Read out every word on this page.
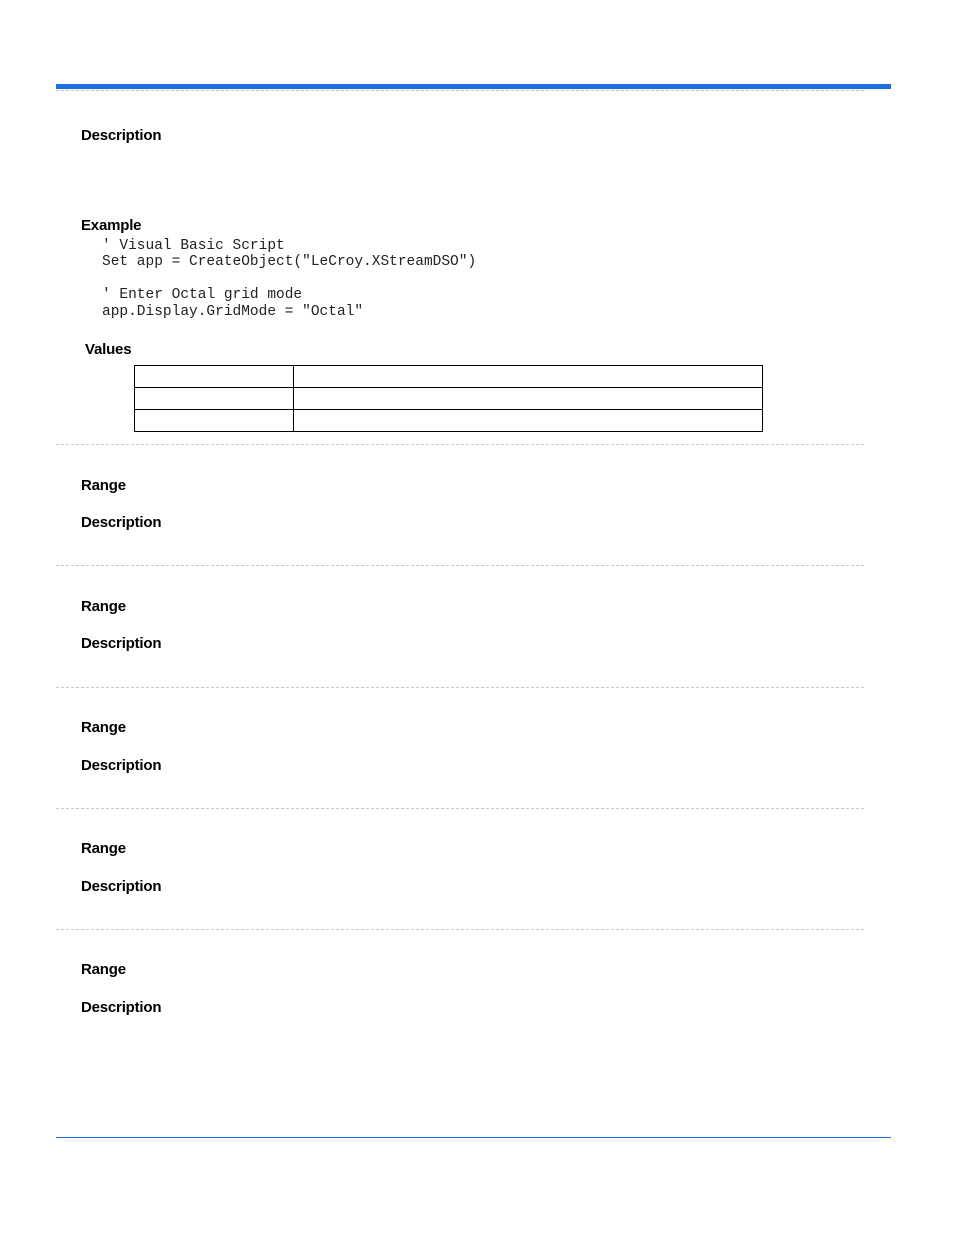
Description
Example
' Visual Basic Script
Set app = CreateObject("LeCroy.XStreamDSO")
' Enter Octal grid mode
app.Display.GridMode = "Octal"
Values

Range
Description
Range
Description
Range
Description
Range
Description
Range
Description
